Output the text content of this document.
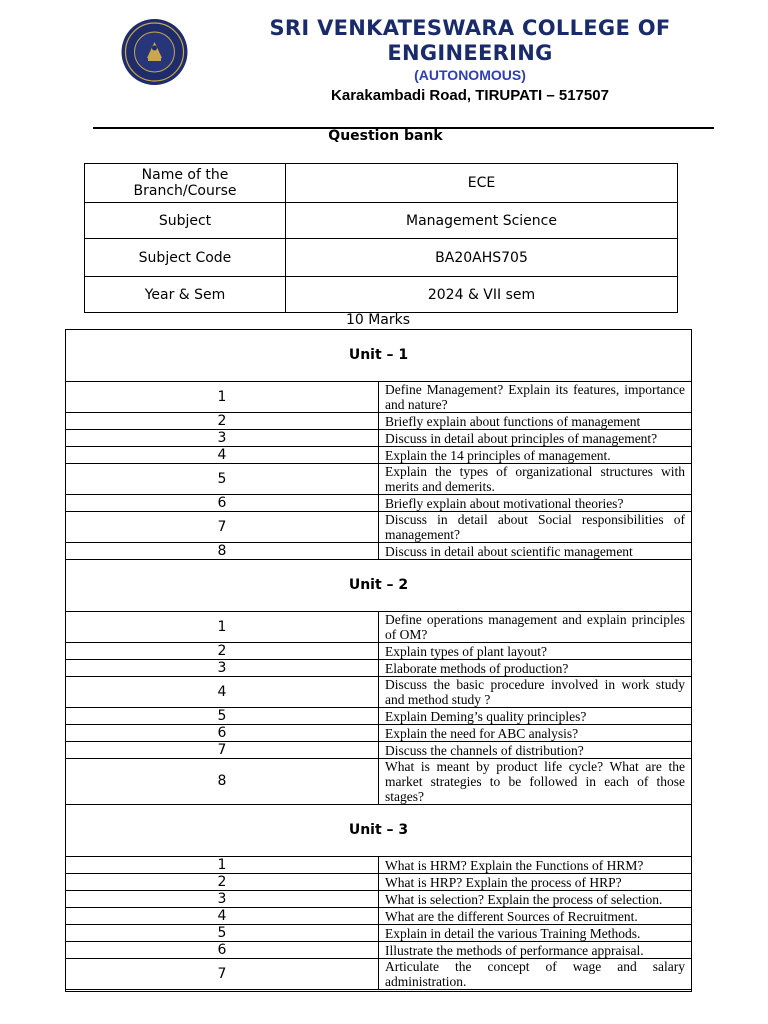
SRI VENKATESWARA COLLEGE OF ENGINEERING
(AUTONOMOUS)
Karakambadi Road, TIRUPATI – 517507
Question bank
Name of the Branch/Course	ECE
Subject	Management Science
Subject Code	BA20AHS705
Year & Sem	2024 & VII sem
10 Marks
Unit – 1	
1	Define Management? Explain its features, importance and nature?
2	Briefly explain about functions of management
3	Discuss in detail about principles of management?
4	Explain the 14 principles of management.
5	Explain the types of organizational structures with merits and demerits.
6	Briefly explain about motivational theories?
7	Discuss in detail about Social responsibilities of management?
8	Discuss in detail about scientific management
Unit – 2	
1	Define operations management and explain principles of OM?
2	Explain types of plant layout?
3	Elaborate methods of production?
4	Discuss the basic procedure involved in work study and method study ?
5	Explain Deming’s quality principles?
6	Explain the need for ABC analysis?
7	Discuss the channels of distribution?
8	What is meant by product life cycle? What are the market strategies to be followed in each of those stages?
Unit – 3	
1	What is HRM? Explain the Functions of HRM?
2	What is HRP? Explain the process of HRP?
3	What is selection? Explain the process of selection.
4	What are the different Sources of Recruitment.
5	Explain in detail the various Training Methods.
6	Illustrate the methods of performance appraisal.
7	Articulate the concept of wage and salary administration.
